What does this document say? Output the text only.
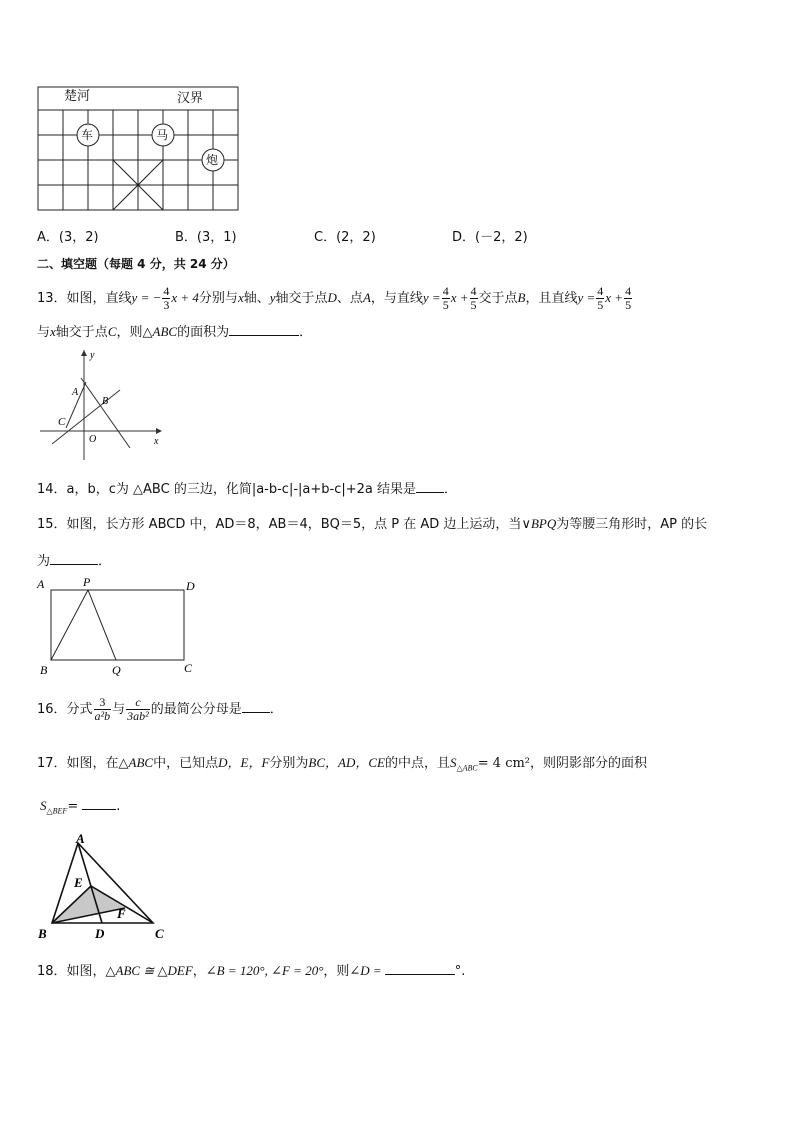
楚河	汉界
车	马
炮
A．(3，2)	B．(3，1)	C．(2，2)	D．(－2，2)
二、填空题（每题 4 分，共 24 分）
13．如图，直线y = − $\frac{4}{3}$ x + 4分别与x轴、y轴交于点D、点A，与直线$y = \frac{4}{5}$ $x + \frac{4}{5}$ 交于点B，且直线$y = \frac{4}{5}$ $x + \frac{4}{5}$
与x轴交于点C，则△ABC的面积为	．
y
x
A
B
C
O
14．a，b，c为 △ABC 的三边，化简|a-b-c|-|a+b-c|+2a 结果是 ．
15．如图，长方形 ABCD 中，AD＝8，AB＝4，BQ＝5，点 P 在 AD 边上运动，当∨BPQ为等腰三角形时，AP 的长
为	．
A	P	D
B	Q	C
16．分式 $\frac{3}{\text{a²b}}$ 与 $\frac{c}{\text{3ab²}}$ 的最简公分母是 ．
17．如图，在△ABC中，已知点D，E，F分别为BC，AD，CE的中点，且$S_{\triangle ABC}= 4$ cm²，则阴影部分的面积
$S_{\triangle BEF}=$	.
A
E
F
B	D	C
18．如图，△ABC ≅ △DEF，∠B = 120°, ∠F = 20°，则∠D =	°.
